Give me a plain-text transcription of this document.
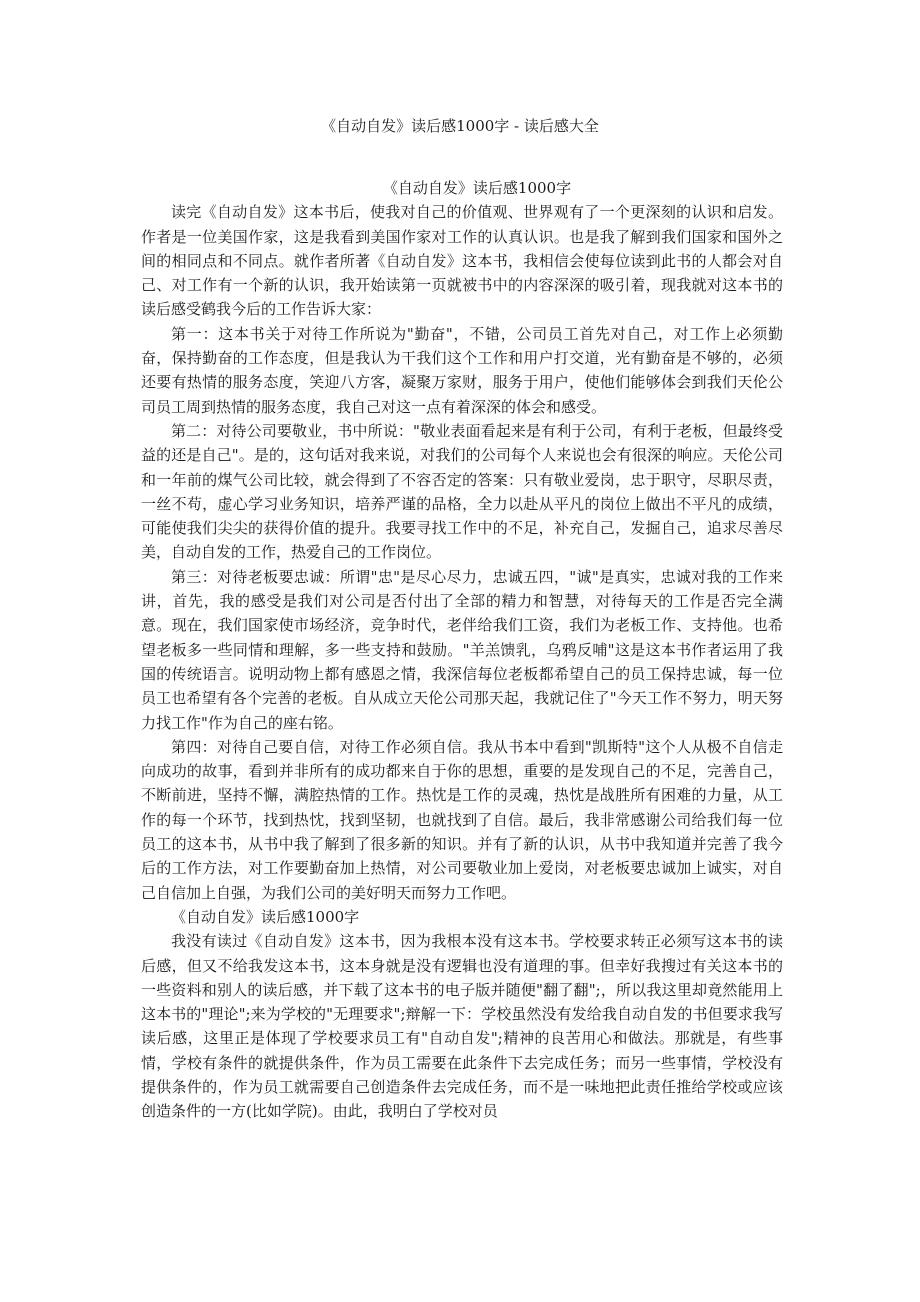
《自动自发》读后感1000字 - 读后感大全

《自动自发》读后感1000字

读完《自动自发》这本书后，使我对自己的价值观、世界观有了一个更深刻的认识和启发。作者是一位美国作家，这是我看到美国作家对工作的认真认识。也是我了解到我们国家和国外之间的相同点和不同点。就作者所著《自动自发》这本书，我相信会使每位读到此书的人都会对自己、对工作有一个新的认识，我开始读第一页就被书中的内容深深的吸引着，现我就对这本书的读后感受鹤我今后的工作告诉大家：

第一：这本书关于对待工作所说为"勤奋"，不错，公司员工首先对自己，对工作上必须勤奋，保持勤奋的工作态度，但是我认为干我们这个工作和用户打交道，光有勤奋是不够的，必须还要有热情的服务态度，笑迎八方客，凝聚万家财，服务于用户，使他们能够体会到我们天伦公司员工周到热情的服务态度，我自己对这一点有着深深的体会和感受。

第二：对待公司要敬业，书中所说："敬业表面看起来是有利于公司，有利于老板，但最终受益的还是自己"。是的，这句话对我来说，对我们的公司每个人来说也会有很深的响应。天伦公司和一年前的煤气公司比较，就会得到了不容否定的答案：只有敬业爱岗，忠于职守，尽职尽责，一丝不苟，虚心学习业务知识，培养严谨的品格，全力以赴从平凡的岗位上做出不平凡的成绩，可能使我们尖尖的获得价值的提升。我要寻找工作中的不足，补充自己，发掘自己，追求尽善尽美，自动自发的工作，热爱自己的工作岗位。

第三：对待老板要忠诚：所谓"忠"是尽心尽力，忠诚五四，"诚"是真实，忠诚对我的工作来讲，首先，我的感受是我们对公司是否付出了全部的精力和智慧，对待每天的工作是否完全满意。现在，我们国家使市场经济，竞争时代，老伴给我们工资，我们为老板工作、支持他。也希望老板多一些同情和理解，多一些支持和鼓励。"羊羔馈乳，乌鸦反哺"这是这本书作者运用了我国的传统语言。说明动物上都有感恩之情，我深信每位老板都希望自己的员工保持忠诚，每一位员工也希望有各个完善的老板。自从成立天伦公司那天起，我就记住了"今天工作不努力，明天努力找工作"作为自己的座右铭。

第四：对待自己要自信，对待工作必须自信。我从书本中看到"凯斯特"这个人从极不自信走向成功的故事，看到并非所有的成功都来自于你的思想，重要的是发现自己的不足，完善自己，不断前进，坚持不懈，满腔热情的工作。热忱是工作的灵魂，热忱是战胜所有困难的力量，从工作的每一个环节，找到热忱，找到坚韧，也就找到了自信。最后，我非常感谢公司给我们每一位员工的这本书，从书中我了解到了很多新的知识。并有了新的认识，从书中我知道并完善了我今后的工作方法，对工作要勤奋加上热情，对公司要敬业加上爱岗，对老板要忠诚加上诚实，对自己自信加上自强，为我们公司的美好明天而努力工作吧。

《自动自发》读后感1000字

我没有读过《自动自发》这本书，因为我根本没有这本书。学校要求转正必须写这本书的读后感，但又不给我发这本书，这本身就是没有逻辑也没有道理的事。但幸好我搜过有关这本书的一些资料和别人的读后感，并下载了这本书的电子版并随便"翻了翻";，所以我这里却竟然能用上这本书的"理论";来为学校的"无理要求";辩解一下：学校虽然没有发给我自动自发的书但要求我写读后感，这里正是体现了学校要求员工有"自动自发";精神的良苦用心和做法。那就是，有些事情，学校有条件的就提供条件，作为员工需要在此条件下去完成任务；而另一些事情，学校没有提供条件的，作为员工就需要自己创造条件去完成任务，而不是一味地把此责任推给学校或应该创造条件的一方(比如学院)。由此，我明白了学校对员
